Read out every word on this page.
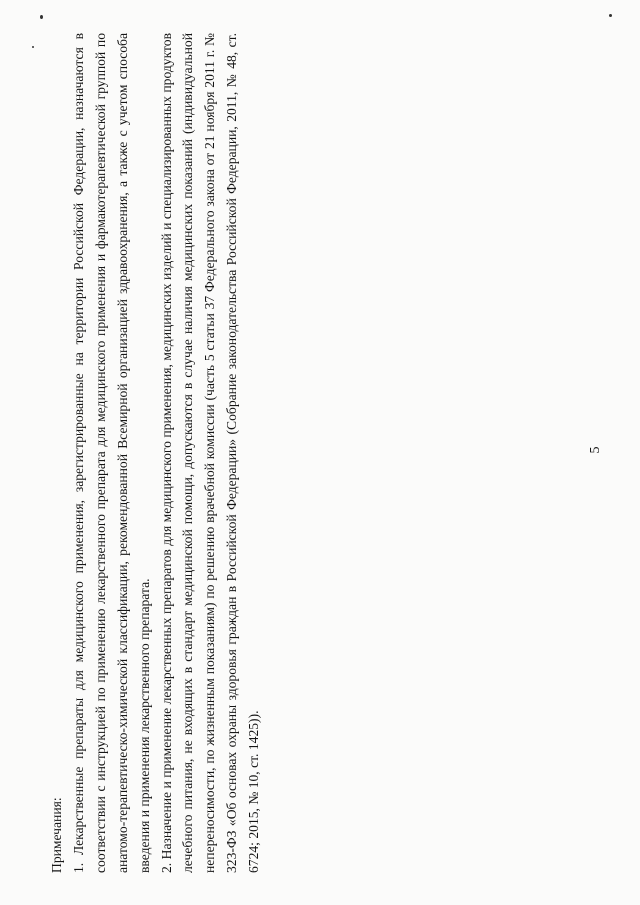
Примечания: 1. Лекарственные препараты для медицинского применения, зарегистрированные на территории Российской Федерации, назначаются в соответствии с инструкцией по применению лекарственного препарата для медицинского применения и фармакотерапевтической группой по анатомо-терапевтическо-химической классификации, рекомендованной Всемирной организацией здравоохранения, а также с учетом способа введения и применения лекарственного препарата. 2. Назначение и применение лекарственных препаратов для медицинского применения, медицинских изделий и специализированных продуктов лечебного питания, не входящих в стандарт медицинской помощи, допускаются в случае наличия медицинских показаний (индивидуальной непереносимости, по жизненным показаниям) по решению врачебной комиссии (часть 5 статьи 37 Федерального закона от 21 ноября 2011 г. № 323-ФЗ «Об основах охраны здоровья граждан в Российской Федерации» (Собрание законодательства Российской Федерации, 2011, № 48, ст. 6724; 2015, № 10, ст. 1425)).

5
